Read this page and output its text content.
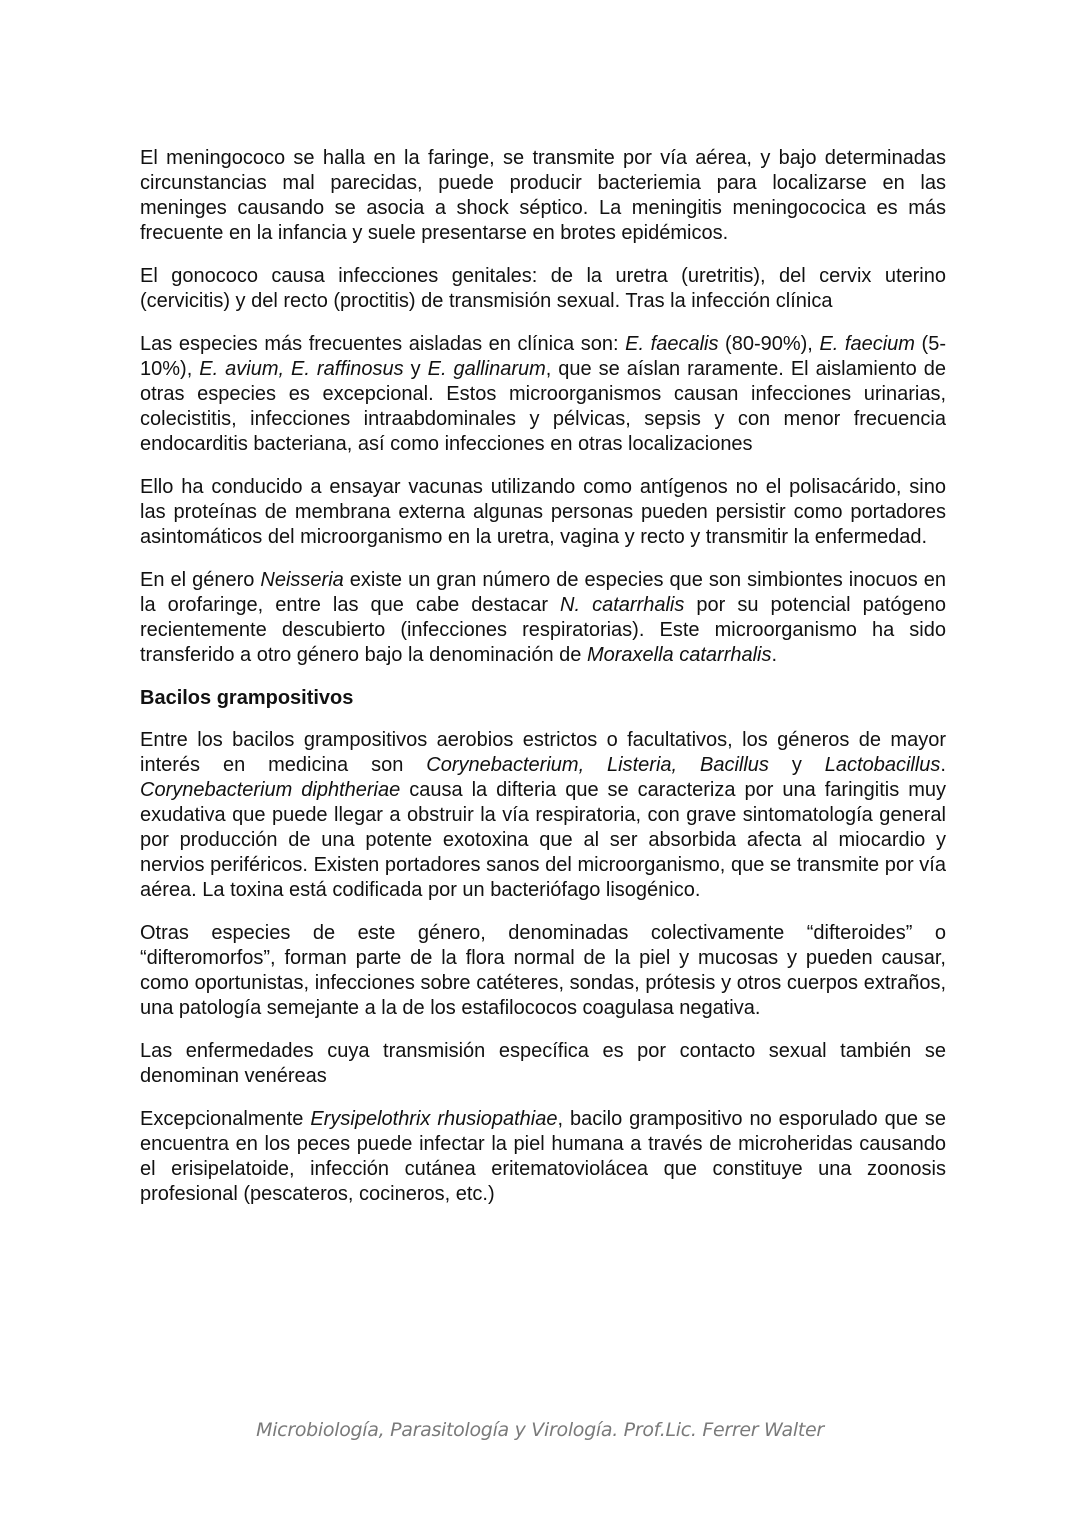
El meningococo se halla en la faringe, se transmite por vía aérea, y bajo determinadas circunstancias mal parecidas, puede producir bacteriemia para localizarse en las meninges causando se asocia a shock séptico. La meningitis meningococica es más frecuente en la infancia y suele presentarse en brotes epidémicos.

El gonococo causa infecciones genitales: de la uretra (uretritis), del cervix uterino (cervicitis) y del recto (proctitis) de transmisión sexual. Tras la infección clínica

Las especies más frecuentes aisladas en clínica son: E. faecalis (80-90%), E. faecium (5-10%), E. avium, E. raffinosus y E. gallinarum, que se aíslan raramente. El aislamiento de otras especies es excepcional. Estos microorganismos causan infecciones urinarias, colecistitis, infecciones intraabdominales y pélvicas, sepsis y con menor frecuencia endocarditis bacteriana, así como infecciones en otras localizaciones

Ello ha conducido a ensayar vacunas utilizando como antígenos no el polisacárido, sino las proteínas de membrana externa algunas personas pueden persistir como portadores asintomáticos del microorganismo en la uretra, vagina y recto y transmitir la enfermedad.

En el género Neisseria existe un gran número de especies que son simbiontes inocuos en la orofaringe, entre las que cabe destacar N. catarrhalis por su potencial patógeno recientemente descubierto (infecciones respiratorias). Este microorganismo ha sido transferido a otro género bajo la denominación de Moraxella catarrhalis.

Bacilos grampositivos

Entre los bacilos grampositivos aerobios estrictos o facultativos, los géneros de mayor interés en medicina son Corynebacterium, Listeria, Bacillus y Lactobacillus. Corynebacterium diphtheriae causa la difteria que se caracteriza por una faringitis muy exudativa que puede llegar a obstruir la vía respiratoria, con grave sintomatología general por producción de una potente exotoxina que al ser absorbida afecta al miocardio y nervios periféricos. Existen portadores sanos del microorganismo, que se transmite por vía aérea. La toxina está codificada por un bacteriófago lisogénico.

Otras especies de este género, denominadas colectivamente “difteroides” o “difteromorfos”, forman parte de la flora normal de la piel y mucosas y pueden causar, como oportunistas, infecciones sobre catéteres, sondas, prótesis y otros cuerpos extraños, una patología semejante a la de los estafilococos coagulasa negativa.

Las enfermedades cuya transmisión específica es por contacto sexual también se denominan venéreas

Excepcionalmente Erysipelothrix rhusiopathiae, bacilo grampositivo no esporulado que se encuentra en los peces puede infectar la piel humana a través de microheridas causando el erisipelatoide, infección cutánea eritematoviolácea que constituye una zoonosis profesional (pescateros, cocineros, etc.)

Microbiología, Parasitología y Virología. Prof.Lic. Ferrer Walter
